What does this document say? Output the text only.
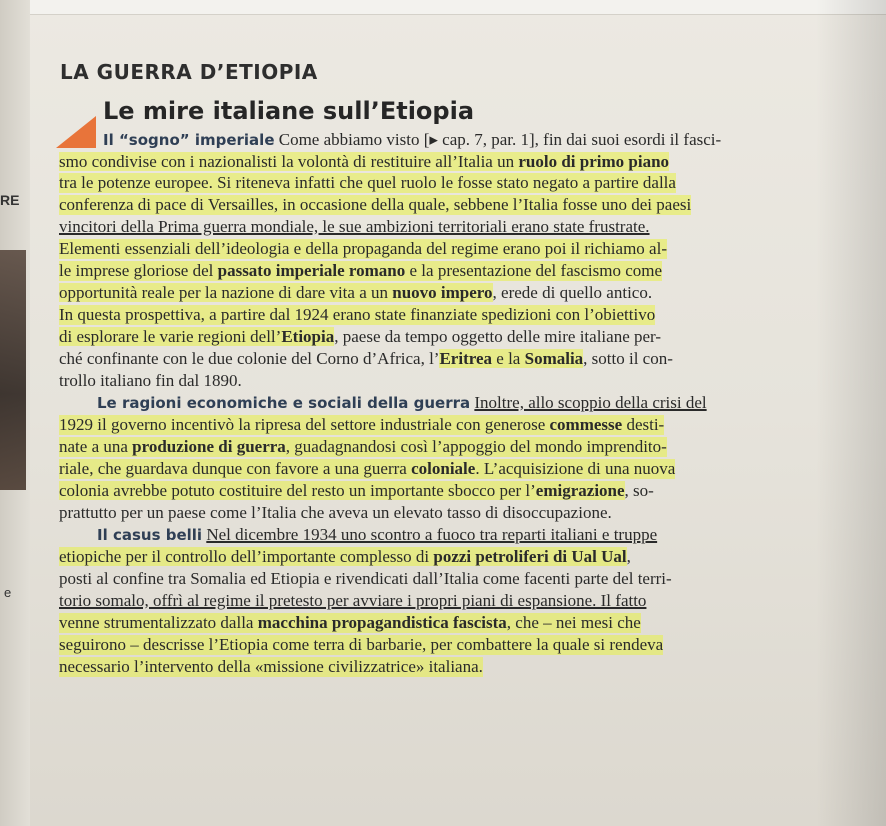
RE
e
LA GUERRA D’ETIOPIA
Le mire italiane sull’Etiopia
Il “sogno” imperiale Come abbiamo visto [▸ cap. 7, par. 1], fin dai suoi esordi il fasci-
smo condivise con i nazionalisti la volontà di restituire all’Italia un ruolo di primo piano
tra le potenze europee. Si riteneva infatti che quel ruolo le fosse stato negato a partire dalla
conferenza di pace di Versailles, in occasione della quale, sebbene l’Italia fosse uno dei paesi
vincitori della Prima guerra mondiale, le sue ambizioni territoriali erano state frustrate.
Elementi essenziali dell’ideologia e della propaganda del regime erano poi il richiamo al-
le imprese gloriose del passato imperiale romano e la presentazione del fascismo come
opportunità reale per la nazione di dare vita a un nuovo impero, erede di quello antico.
In questa prospettiva, a partire dal 1924 erano state finanziate spedizioni con l’obiettivo
di esplorare le varie regioni dell’Etiopia, paese da tempo oggetto delle mire italiane per-
ché confinante con le due colonie del Corno d’Africa, l’Eritrea e la Somalia, sotto il con-
trollo italiano fin dal 1890.
Le ragioni economiche e sociali della guerra Inoltre, allo scoppio della crisi del
1929 il governo incentivò la ripresa del settore industriale con generose commesse desti-
nate a una produzione di guerra, guadagnandosi così l’appoggio del mondo imprendito-
riale, che guardava dunque con favore a una guerra coloniale. L’acquisizione di una nuova
colonia avrebbe potuto costituire del resto un importante sbocco per l’emigrazione, so-
prattutto per un paese come l’Italia che aveva un elevato tasso di disoccupazione.
Il casus belli Nel dicembre 1934 uno scontro a fuoco tra reparti italiani e truppe
etiopiche per il controllo dell’importante complesso di pozzi petroliferi di Ual Ual,
posti al confine tra Somalia ed Etiopia e rivendicati dall’Italia come facenti parte del terri-
torio somalo, offrì al regime il pretesto per avviare i propri piani di espansione. Il fatto
venne strumentalizzato dalla macchina propagandistica fascista, che – nei mesi che
seguirono – descrisse l’Etiopia come terra di barbarie, per combattere la quale si rendeva
necessario l’intervento della «missione civilizzatrice» italiana.
